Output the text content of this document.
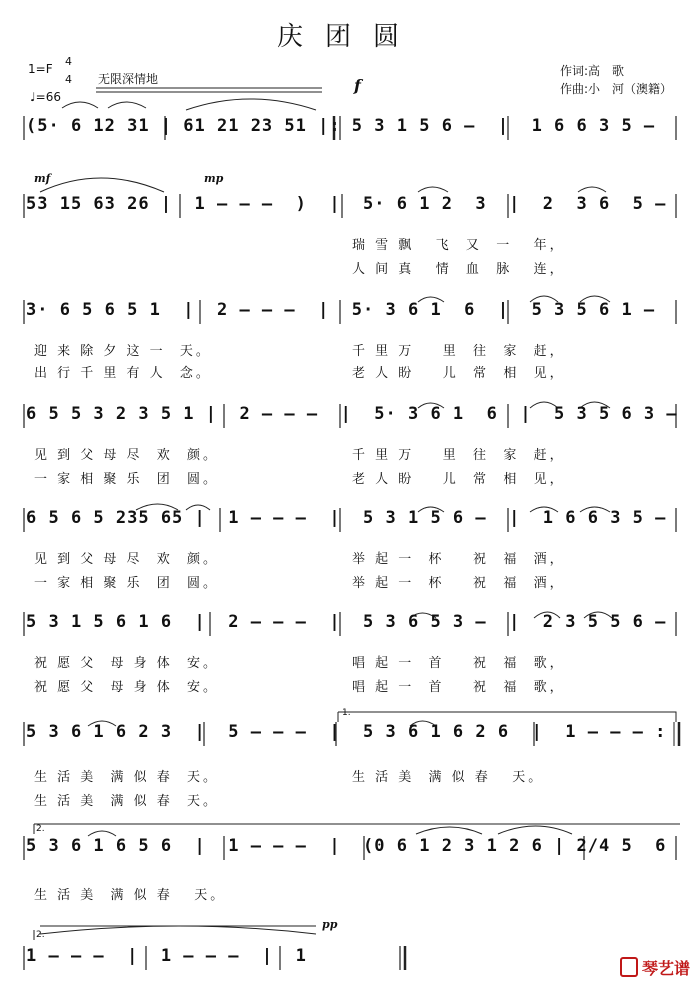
庆团圆
1=F
4
4
♩=66
无限深情地
作词:高　歌
作曲:小　河（澳籍）
f
mf	mp
pp
1.
2.
2.
(5· 6 12 31 | 61 21 23 51 |: 5 3 1 5 6 –  |  1 6 6 3 5 –
53 15 63 26 |  1 – – –  )  |  5· 6 1 2  3  |  2  3 6  5 –
瑞 雪 飘   飞  又  一   年，
人 间 真   情  血  脉   连，
3· 6 5 6 5 1  |  2 – – –  |  5· 3 6 1  6  |  5 3 5 6 1 –
迎 来 除 夕 这 一  天。
出 行 千 里 有 人  念。
千 里 万    里  往  家  赶，
老 人 盼    儿  常  相  见，
6 5 5 3 2 3 5 1 |  2 – – –  |  5· 3 6 1  6  |  5 3 5 6 3 –
见 到 父 母 尽  欢  颜。
一 家 相 聚 乐  团  圆。
千 里 万    里  往  家  赶，
老 人 盼    儿  常  相  见，
6 5 6 5 235 65 |  1 – – –  |  5 3 1 5 6 –  |  1 6 6 3 5 –
见 到 父 母 尽  欢  颜。
一 家 相 聚 乐  团  圆。
举 起 一  杯    祝  福  酒，
举 起 一  杯    祝  福  酒，
5 3 1 5 6 1 6  |  2 – – –  |  5 3 6 5 3 –  |  2 3 5 5 6 –
祝 愿 父  母 身 体  安。
祝 愿 父  母 身 体  安。
唱 起 一  首    祝  福  歌，
唱 起 一  首    祝  福  歌，
5 3 6 1 6 2 3  |  5 – – –  |  5 3 6 1 6 2 6  |  1 – – – :
生 活 美  满 似 春  天。
生 活 美  满 似 春  天。
生 活 美  满 似 春   天。
5 3 6 1 6 5 6  |  1 – – –  |  (0 6 1 2 3 1 2 6 | 2/4 5  6
生 活 美  满 似 春   天。
1 – – –  |  1 – – –  |  1
琴艺谱
